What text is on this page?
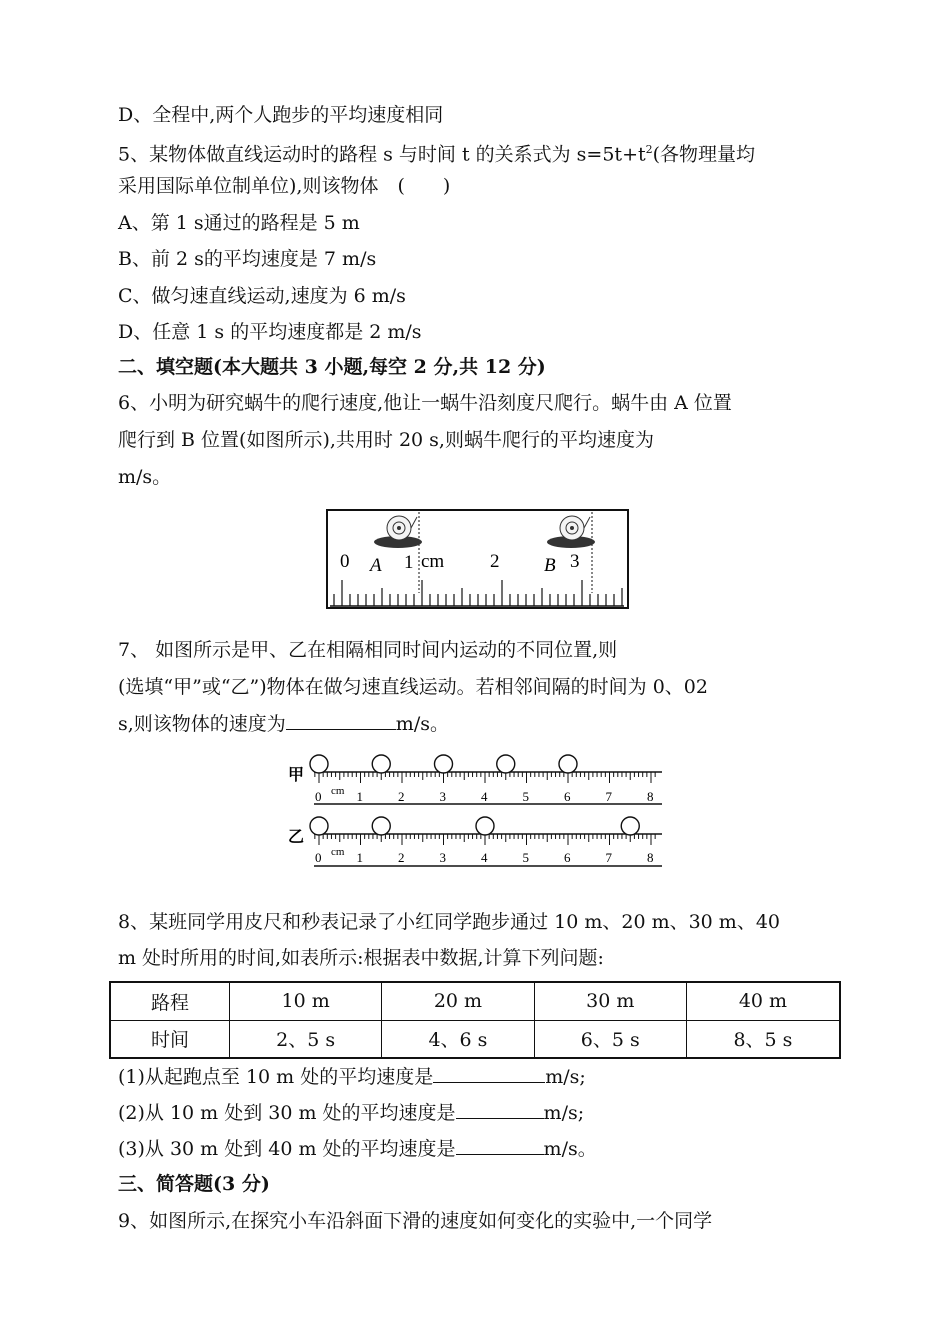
D、全程中,两个人跑步的平均速度相同
5、某物体做直线运动时的路程 s 与时间 t 的关系式为 $s=5t+t^2$(各物理量均
采用国际单位制单位),则该物体　(　　)
A、第 1 s通过的路程是 5 m
B、前 2 s的平均速度是 7 m/s
C、做匀速直线运动,速度为 6 m/s
D、任意 1 s 的平均速度都是 2 m/s
二、填空题(本大题共 3 小题,每空 2 分,共 12 分)
6、小明为研究蜗牛的爬行速度,他让一蜗牛沿刻度尺爬行。蜗牛由 A 位置
爬行到 B 位置(如图所示),共用时 20 s,则蜗牛爬行的平均速度为
m/s。
0	1 cm 2	3
A	B
7、 如图所示是甲、乙在相隔相同时间内运动的不同位置,则
(选填“甲”或“乙”)物体在做匀速直线运动。若相邻间隔的时间为 0、02
s,则该物体的速度为	m/s。
甲
乙
0	1	2	3	4	5	6	7	8
cm
0	1	2	3	4	5	6	7	8
cm
8、某班同学用皮尺和秒表记录了小红同学跑步通过 10 m、20 m、30 m、40
m 处时所用的时间,如表所示:根据表中数据,计算下列问题:
路程	10 m	20 m	30 m	40 m
时间	2、5 s	4、6 s	6、5 s	8、5 s
(1)从起跑点至 10 m 处的平均速度是	m/s;
(2)从 10 m 处到 30 m 处的平均速度是	m/s;
(3)从 30 m 处到 40 m 处的平均速度是	m/s。
三、简答题(3 分)
9、如图所示,在探究小车沿斜面下滑的速度如何变化的实验中,一个同学
